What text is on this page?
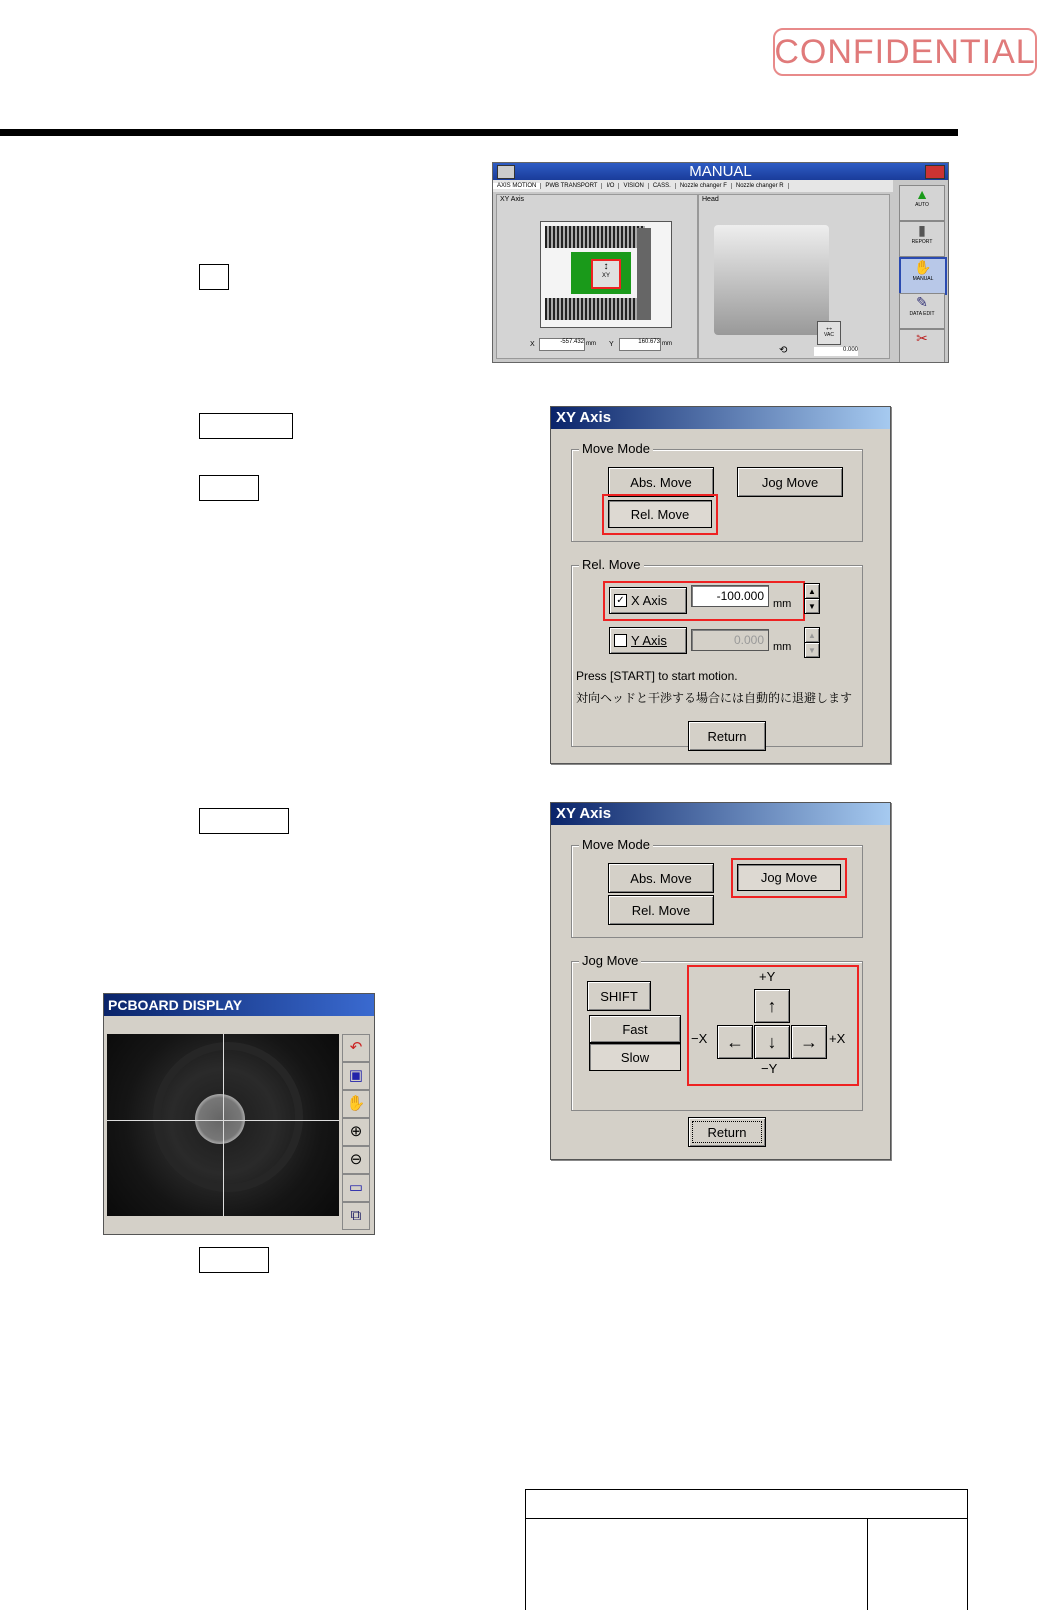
CONFIDENTIAL
MANUAL
AXIS MOTION PWB TRANSPORT I/O VISION CASS. Nozzle changer F Nozzle changer R
XY Axis
↕
XY
X	-557.432 mm Y	160.673 mm
Head
↔
VAC
⟲	0.000
▲
AUTO
▮
REPORT
✋
MANUAL
✎
DATA EDIT
✂
XY Axis
Move Mode
Abs. Move	Jog Move
Rel. Move
Rel. Move
✓ X Axis	-100.000
mm
▲
▼
Y Axis	0.000 mm
▲
▼
Press [START] to start motion.
対向ヘッドと干渉する場合には自動的に退避します
Return
XY Axis
Move Mode
Abs. Move	Jog Move
Rel. Move
Jog Move
SHIFT
Fast
Slow
+Y
↑
−X ← ↓ → +X
−Y
Return
PCBOARD DISPLAY
↶
▣
✋
⊕
⊖
▭
⧉
